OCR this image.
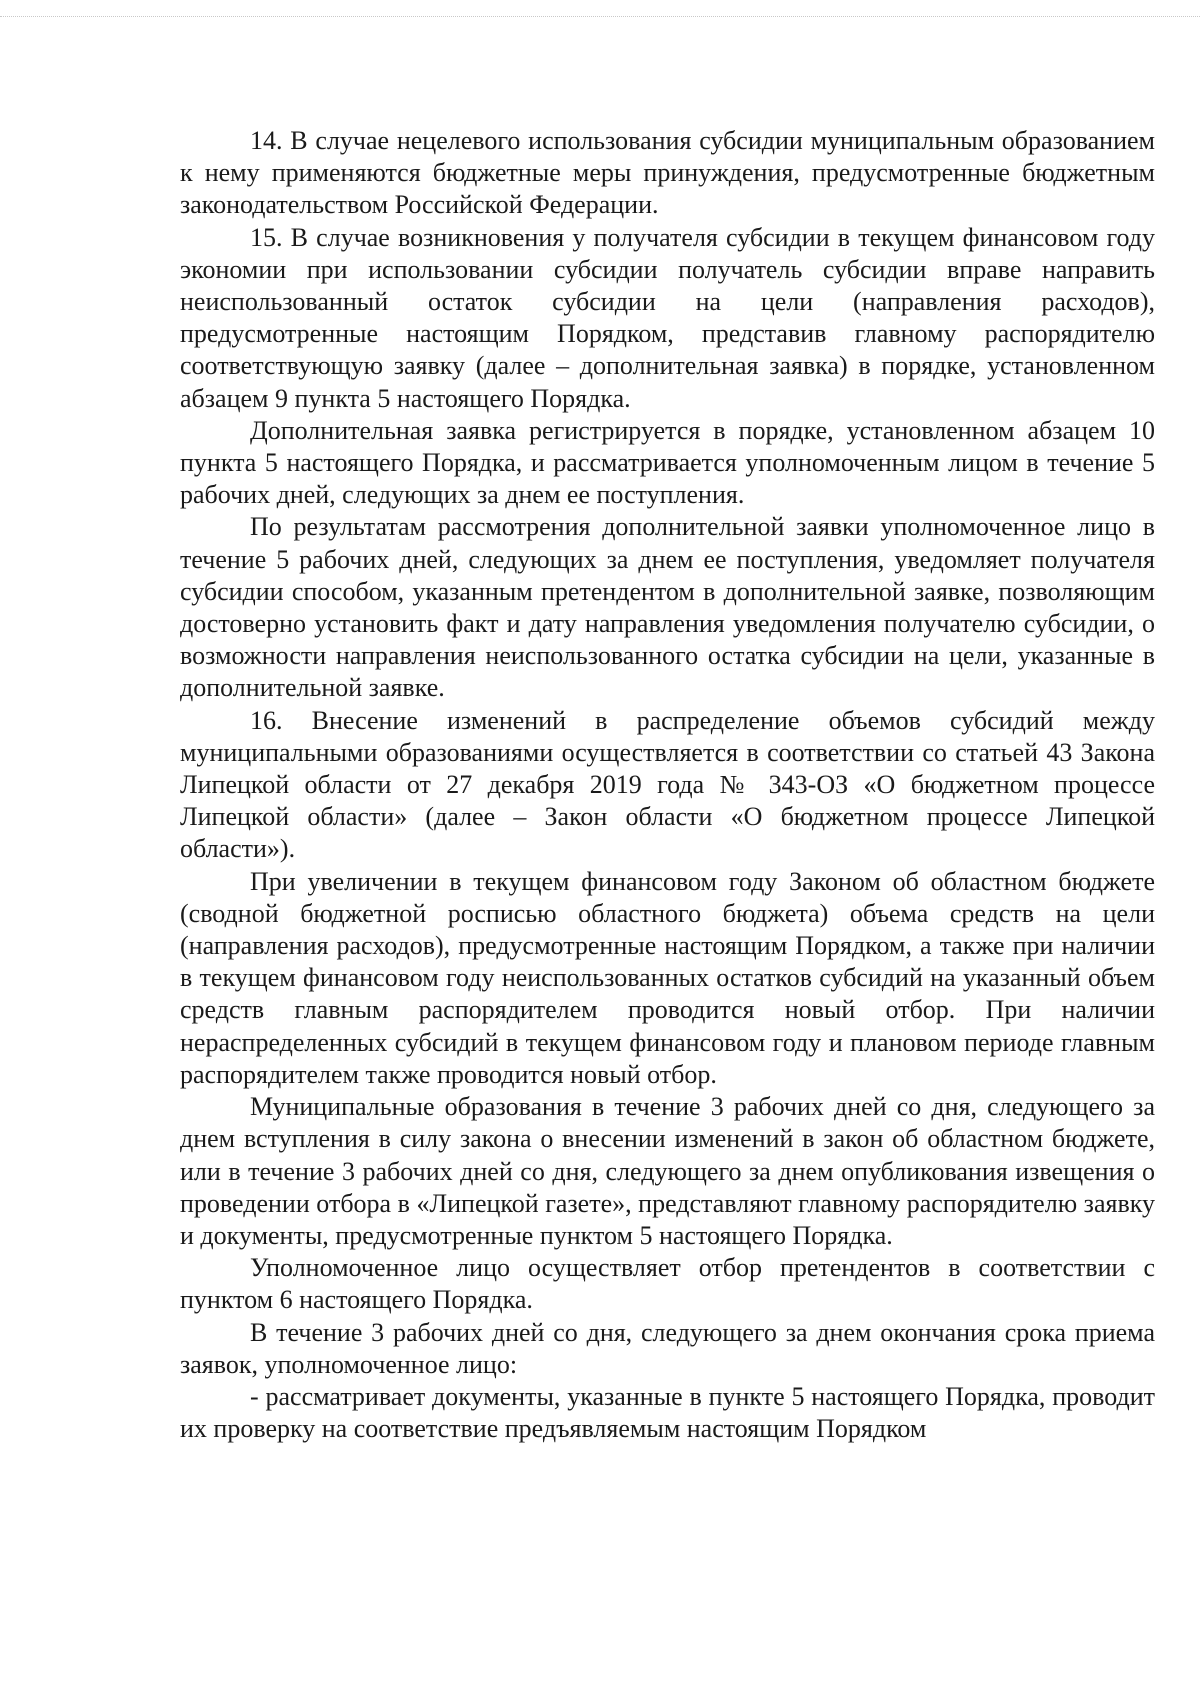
14. В случае нецелевого использования субсидии муниципальным образованием к нему применяются бюджетные меры принуждения, предусмотренные бюджетным законодательством Российской Федерации.

15. В случае возникновения у получателя субсидии в текущем финансовом году экономии при использовании субсидии получатель субсидии вправе направить неиспользованный остаток субсидии на цели (направления расходов), предусмотренные настоящим Порядком, представив главному распорядителю соответствующую заявку (далее – дополнительная заявка) в порядке, установленном абзацем 9 пункта 5 настоящего Порядка.

Дополнительная заявка регистрируется в порядке, установленном абзацем 10 пункта 5 настоящего Порядка, и рассматривается уполномоченным лицом в течение 5 рабочих дней, следующих за днем ее поступления.

По результатам рассмотрения дополнительной заявки уполномоченное лицо в течение 5 рабочих дней, следующих за днем ее поступления, уведомляет получателя субсидии способом, указанным претендентом в дополнительной заявке, позволяющим достоверно установить факт и дату направления уведомления получателю субсидии, о возможности направления неиспользованного остатка субсидии на цели, указанные в дополнительной заявке.

16. Внесение изменений в распределение объемов субсидий между муниципальными образованиями осуществляется в соответствии со статьей 43 Закона Липецкой области от 27 декабря 2019 года № 343-ОЗ «О бюджетном процессе Липецкой области» (далее – Закон области «О бюджетном процессе Липецкой области»).

При увеличении в текущем финансовом году Законом об областном бюджете (сводной бюджетной росписью областного бюджета) объема средств на цели (направления расходов), предусмотренные настоящим Порядком, а также при наличии в текущем финансовом году неиспользованных остатков субсидий на указанный объем средств главным распорядителем проводится новый отбор. При наличии нераспределенных субсидий в текущем финансовом году и плановом периоде главным распорядителем также проводится новый отбор.

Муниципальные образования в течение 3 рабочих дней со дня, следующего за днем вступления в силу закона о внесении изменений в закон об областном бюджете, или в течение 3 рабочих дней со дня, следующего за днем опубликования извещения о проведении отбора в «Липецкой газете», представляют главному распорядителю заявку и документы, предусмотренные пунктом 5 настоящего Порядка.

Уполномоченное лицо осуществляет отбор претендентов в соответствии с пунктом 6 настоящего Порядка.

В течение 3 рабочих дней со дня, следующего за днем окончания срока приема заявок, уполномоченное лицо:

- рассматривает документы, указанные в пункте 5 настоящего Порядка, проводит их проверку на соответствие предъявляемым настоящим Порядком
